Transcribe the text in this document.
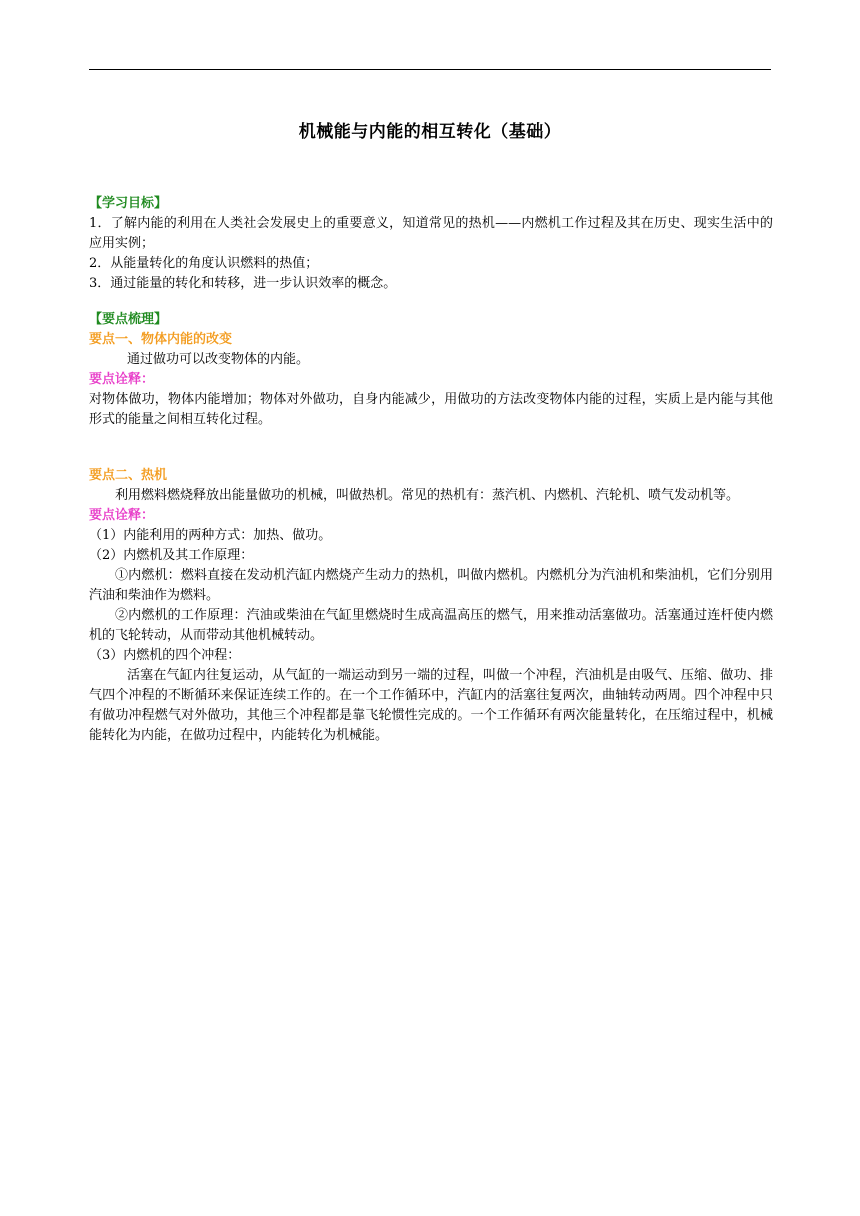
机械能与内能的相互转化（基础）

【学习目标】

1．了解内能的利用在人类社会发展史上的重要意义，知道常见的热机——内燃机工作过程及其在历史、现实生活中的应用实例；

2．从能量转化的角度认识燃料的热值；

3．通过能量的转化和转移，进一步认识效率的概念。

【要点梳理】

要点一、物体内能的改变

通过做功可以改变物体的内能。

要点诠释：

对物体做功，物体内能增加；物体对外做功，自身内能减少，用做功的方法改变物体内能的过程，实质上是内能与其他形式的能量之间相互转化过程。

要点二、热机

利用燃料燃烧释放出能量做功的机械，叫做热机。常见的热机有：蒸汽机、内燃机、汽轮机、喷气发动机等。

要点诠释：

（1）内能利用的两种方式：加热、做功。

（2）内燃机及其工作原理：

①内燃机：燃料直接在发动机汽缸内燃烧产生动力的热机，叫做内燃机。内燃机分为汽油机和柴油机，它们分别用汽油和柴油作为燃料。

②内燃机的工作原理：汽油或柴油在气缸里燃烧时生成高温高压的燃气，用来推动活塞做功。活塞通过连杆使内燃机的飞轮转动，从而带动其他机械转动。

（3）内燃机的四个冲程：

活塞在气缸内往复运动，从气缸的一端运动到另一端的过程，叫做一个冲程，汽油机是由吸气、压缩、做功、排气四个冲程的不断循环来保证连续工作的。在一个工作循环中，汽缸内的活塞往复两次，曲轴转动两周。四个冲程中只有做功冲程燃气对外做功，其他三个冲程都是靠飞轮惯性完成的。一个工作循环有两次能量转化，在压缩过程中，机械能转化为内能，在做功过程中，内能转化为机械能。
